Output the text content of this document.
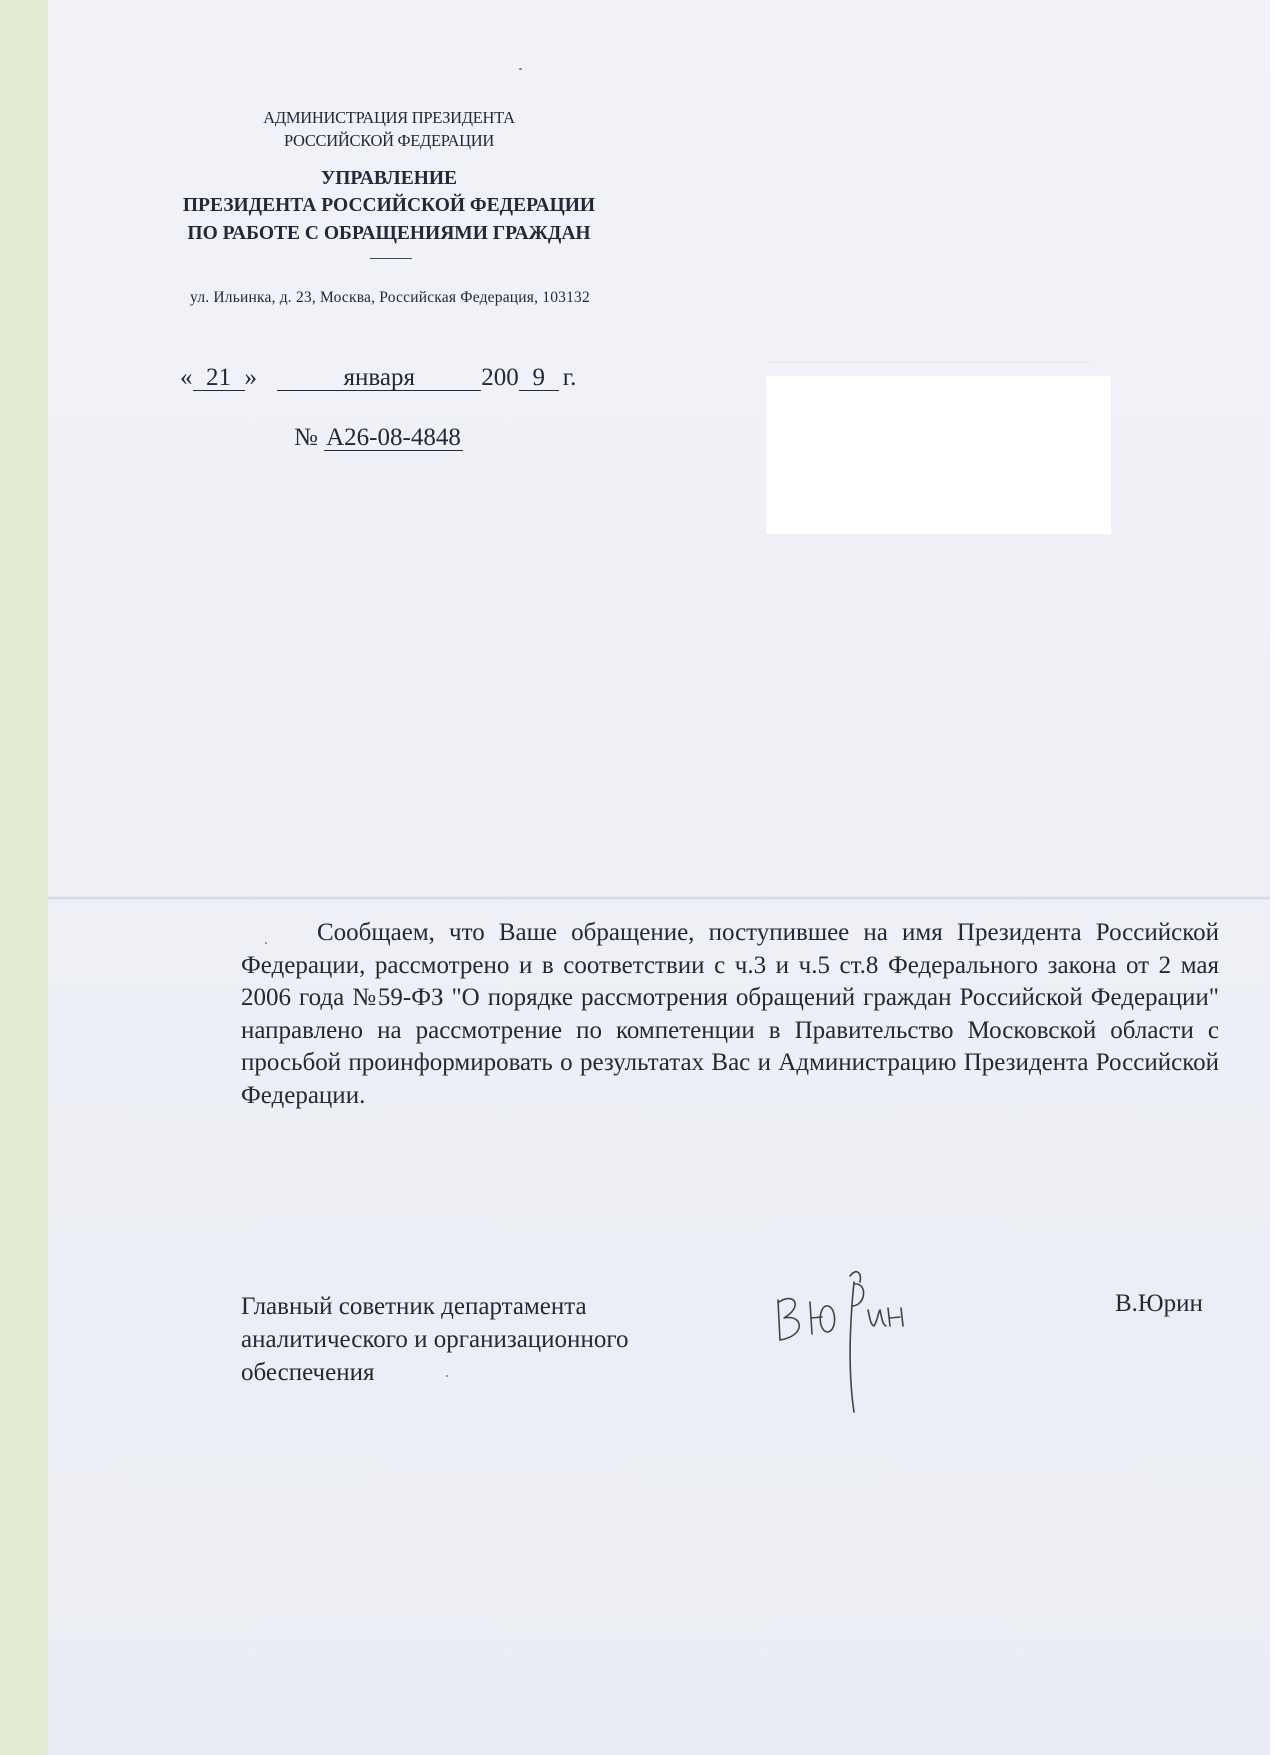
АДМИНИСТРАЦИЯ ПРЕЗИДЕНТА
РОССИЙСКОЙ ФЕДЕРАЦИИ
УПРАВЛЕНИЕ
ПРЕЗИДЕНТА РОССИЙСКОЙ ФЕДЕРАЦИИ
ПО РАБОТЕ С ОБРАЩЕНИЯМИ ГРАЖДАН
ул. Ильинка, д. 23, Москва, Российская Федерация, 103132
« 21 »	января	200 9 г.
№ А26-08-4848
Сообщаем, что Ваше обращение, поступившее на имя Президента Российской Федерации, рассмотрено и в соответствии с ч.3 и ч.5 ст.8 Федерального закона от 2 мая 2006 года №59-ФЗ "О порядке рассмотрения обращений граждан Российской Федерации" направлено на рассмотрение по компетенции в Правительство Московской области с просьбой проинформировать о результатах Вас и Администрацию Президента Российской Федерации.
Главный советник департамента
аналитического и организационного
обеспечения
В.Юрин
